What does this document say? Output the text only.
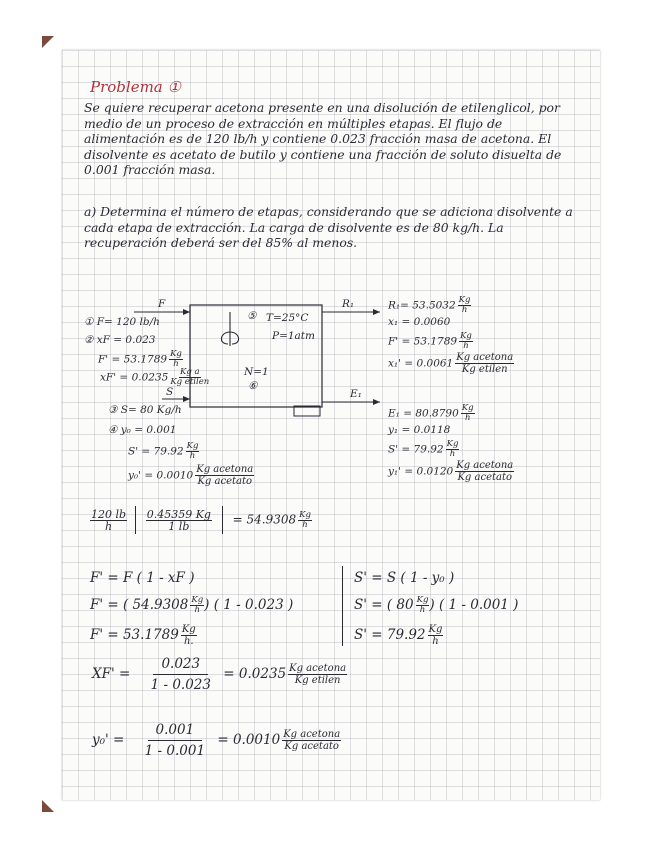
Problema ①
Se quiere recuperar acetona presente en una disolución de etilenglicol, por medio de un proceso de extracción en múltiples etapas. El flujo de alimentación es de 120 lb/h y contiene 0.023 fracción masa de acetona. El disolvente es acetato de butilo y contiene una fracción de soluto disuelta de 0.001 fracción masa.
a) Determina el número de etapas, considerando que se adiciona disolvente a cada etapa de extracción. La carga de disolvente es de 80 kg/h. La recuperación deberá ser del 85% al menos.
F	R₁
E₁
S
⑤ T=25°C
P=1atm
N=1
⑥
① F= 120 lb/h
② xF = 0.023
$F' = 53.1789 \frac{Kg}{h}$
$xF' = 0.0235 \frac{\text{Kg a}}{\text{Kg etilen}}$
③ S= 80 Kg/h
④ y₀ = 0.001
$S' = 79.92 \frac{Kg}{h}$
$y_0' = 0.0010 \frac{\text{Kg acetona}}{\text{Kg acetato}}$
$R_1= 53.5032 \frac{Kg}{h}$
x₁ = 0.0060
$F' = 53.1789 \frac{Kg}{h}$
$x_1' = 0.0061 \frac{\text{Kg acetona}}{\text{Kg etilen}}$
$E_1 = 80.8790 \frac{Kg}{h}$
y₁ = 0.0118
$S' = 79.92 \frac{Kg}{h}$
$y_1' = 0.0120 \frac{\text{Kg acetona}}{\text{Kg acetato}}$
$\frac{120 lb}{h}$
$\frac{0.45359 Kg}{1 lb} = 54.9308 \frac{Kg}{h}$
F' = F ( 1 - xF )
F' = ( $54.9308 \frac{Kg}{h}$ ) ( 1 - 0.023 )
$F' = 53.1789 \frac{Kg}{h.}$
S' = S ( 1 - y₀ )
S' = ( $80 \frac{Kg}{h}$ ) ( 1 - 0.001 )
$S' = 79.92 \frac{Kg}{h}$
$XF' = \frac{0.023}{1 - 0.023} = 0.0235 \frac{\text{Kg acetona}}{\text{Kg etilen}}$
$y_0' = \frac{0.001}{1 - 0.001} = 0.0010 \frac{\text{Kg acetona}}{\text{Kg acetato}}$
